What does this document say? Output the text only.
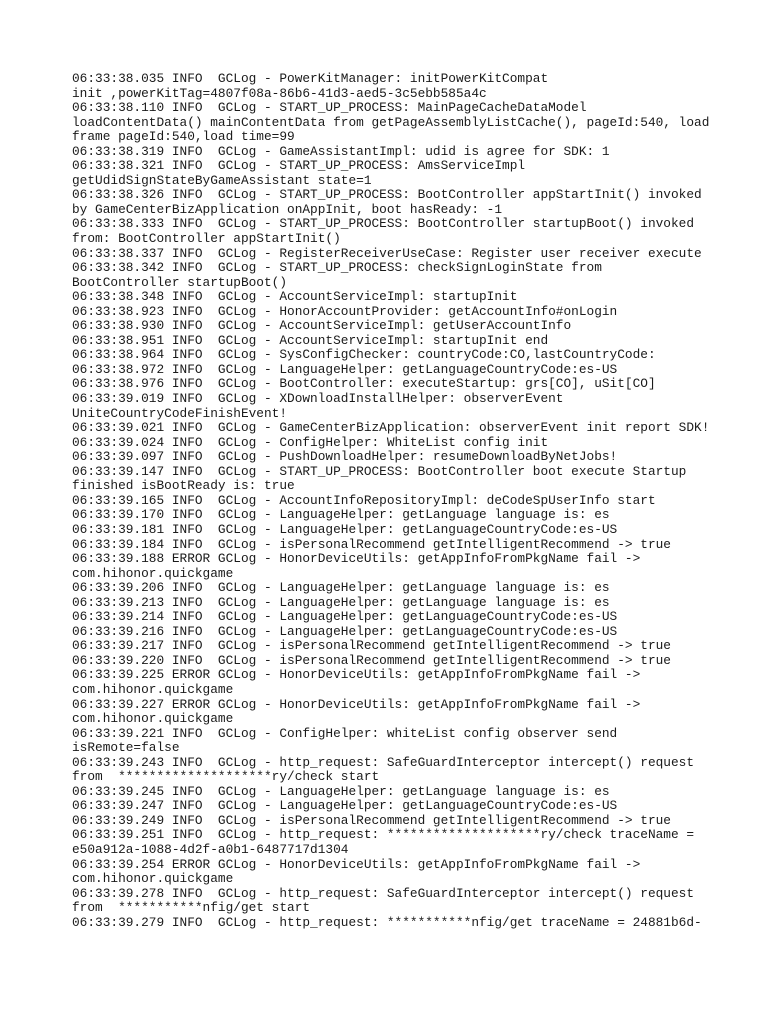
06:33:38.035 INFO  GCLog - PowerKitManager: initPowerKitCompat
init ,powerKitTag=4807f08a-86b6-41d3-aed5-3c5ebb585a4c
06:33:38.110 INFO  GCLog - START_UP_PROCESS: MainPageCacheDataModel
loadContentData() mainContentData from getPageAssemblyListCache(), pageId:540, load
frame pageId:540,load time=99
06:33:38.319 INFO  GCLog - GameAssistantImpl: udid is agree for SDK: 1
06:33:38.321 INFO  GCLog - START_UP_PROCESS: AmsServiceImpl
getUdidSignStateByGameAssistant state=1
06:33:38.326 INFO  GCLog - START_UP_PROCESS: BootController appStartInit() invoked
by GameCenterBizApplication onAppInit, boot hasReady: -1
06:33:38.333 INFO  GCLog - START_UP_PROCESS: BootController startupBoot() invoked
from: BootController appStartInit()
06:33:38.337 INFO  GCLog - RegisterReceiverUseCase: Register user receiver execute
06:33:38.342 INFO  GCLog - START_UP_PROCESS: checkSignLoginState from
BootController startupBoot()
06:33:38.348 INFO  GCLog - AccountServiceImpl: startupInit
06:33:38.923 INFO  GCLog - HonorAccountProvider: getAccountInfo#onLogin
06:33:38.930 INFO  GCLog - AccountServiceImpl: getUserAccountInfo
06:33:38.951 INFO  GCLog - AccountServiceImpl: startupInit end
06:33:38.964 INFO  GCLog - SysConfigChecker: countryCode:CO,lastCountryCode:
06:33:38.972 INFO  GCLog - LanguageHelper: getLanguageCountryCode:es-US
06:33:38.976 INFO  GCLog - BootController: executeStartup: grs[CO], uSit[CO]
06:33:39.019 INFO  GCLog - XDownloadInstallHelper: observerEvent
UniteCountryCodeFinishEvent!
06:33:39.021 INFO  GCLog - GameCenterBizApplication: observerEvent init report SDK!
06:33:39.024 INFO  GCLog - ConfigHelper: WhiteList config init
06:33:39.097 INFO  GCLog - PushDownloadHelper: resumeDownloadByNetJobs!
06:33:39.147 INFO  GCLog - START_UP_PROCESS: BootController boot execute Startup
finished isBootReady is: true
06:33:39.165 INFO  GCLog - AccountInfoRepositoryImpl: deCodeSpUserInfo start
06:33:39.170 INFO  GCLog - LanguageHelper: getLanguage language is: es
06:33:39.181 INFO  GCLog - LanguageHelper: getLanguageCountryCode:es-US
06:33:39.184 INFO  GCLog - isPersonalRecommend getIntelligentRecommend -> true
06:33:39.188 ERROR GCLog - HonorDeviceUtils: getAppInfoFromPkgName fail ->
com.hihonor.quickgame
06:33:39.206 INFO  GCLog - LanguageHelper: getLanguage language is: es
06:33:39.213 INFO  GCLog - LanguageHelper: getLanguage language is: es
06:33:39.214 INFO  GCLog - LanguageHelper: getLanguageCountryCode:es-US
06:33:39.216 INFO  GCLog - LanguageHelper: getLanguageCountryCode:es-US
06:33:39.217 INFO  GCLog - isPersonalRecommend getIntelligentRecommend -> true
06:33:39.220 INFO  GCLog - isPersonalRecommend getIntelligentRecommend -> true
06:33:39.225 ERROR GCLog - HonorDeviceUtils: getAppInfoFromPkgName fail ->
com.hihonor.quickgame
06:33:39.227 ERROR GCLog - HonorDeviceUtils: getAppInfoFromPkgName fail ->
com.hihonor.quickgame
06:33:39.221 INFO  GCLog - ConfigHelper: whiteList config observer send
isRemote=false
06:33:39.243 INFO  GCLog - http_request: SafeGuardInterceptor intercept() request
from  ********************ry/check start
06:33:39.245 INFO  GCLog - LanguageHelper: getLanguage language is: es
06:33:39.247 INFO  GCLog - LanguageHelper: getLanguageCountryCode:es-US
06:33:39.249 INFO  GCLog - isPersonalRecommend getIntelligentRecommend -> true
06:33:39.251 INFO  GCLog - http_request: ********************ry/check traceName =
e50a912a-1088-4d2f-a0b1-6487717d1304
06:33:39.254 ERROR GCLog - HonorDeviceUtils: getAppInfoFromPkgName fail ->
com.hihonor.quickgame
06:33:39.278 INFO  GCLog - http_request: SafeGuardInterceptor intercept() request
from  ***********nfig/get start
06:33:39.279 INFO  GCLog - http_request: ***********nfig/get traceName = 24881b6d-
